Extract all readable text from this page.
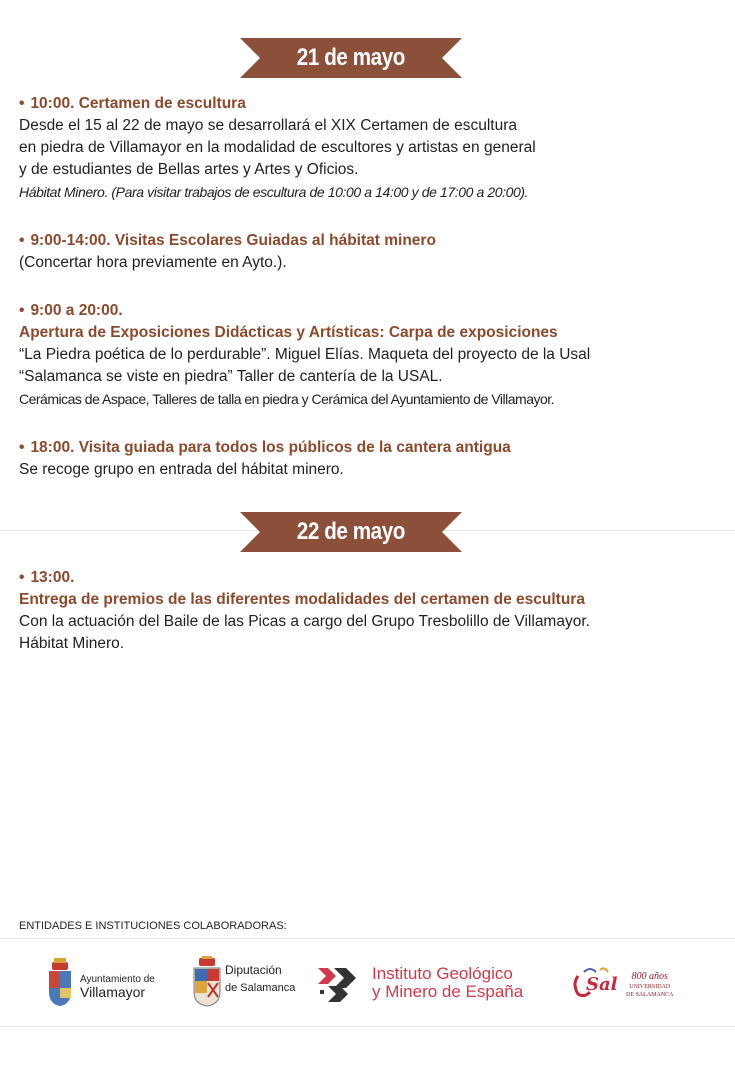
21 de mayo
• 10:00. Certamen de escultura
Desde el 15 al 22 de mayo se desarrollará el XIX Certamen de escultura
en piedra de Villamayor en la modalidad de escultores y artistas en general
y de estudiantes de Bellas artes y Artes y Oficios.
Hábitat Minero. (Para visitar trabajos de escultura de 10:00 a 14:00 y de 17:00 a 20:00).
• 9:00-14:00. Visitas Escolares Guiadas al hábitat minero
(Concertar hora previamente en Ayto.).
• 9:00 a 20:00.
Apertura de Exposiciones Didácticas y Artísticas: Carpa de exposiciones
“La Piedra poética de lo perdurable”. Miguel Elías. Maqueta del proyecto de la Usal
“Salamanca se viste en piedra” Taller de cantería de la USAL.
Cerámicas de Aspace, Talleres de talla en piedra y Cerámica del Ayuntamiento de Villamayor.
• 18:00. Visita guiada para todos los públicos de la cantera antigua
Se recoge grupo en entrada del hábitat minero.
22 de mayo
• 13:00.
Entrega de premios de las diferentes modalidades del certamen de escultura
Con la actuación del Baile de las Picas a cargo del Grupo Tresbolillo de Villamayor.
Hábitat Minero.
ENTIDADES E INSTITUCIONES COLABORADORAS:
Ayuntamiento de
Villamayor
Diputación
de Salamanca
Instituto Geológico
y Minero de España	Sal	800 años
UNIVERSIDAD
DE SALAMANCA
